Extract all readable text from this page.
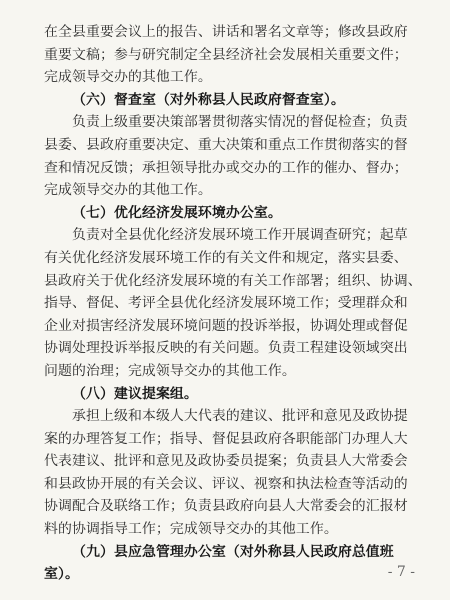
在全县重要会议上的报告、讲话和署名文章等；修改县政府
重要文稿；参与研究制定全县经济社会发展相关重要文件；
完成领导交办的其他工作。
（六）督查室（对外称县人民政府督查室）。
负责上级重要决策部署贯彻落实情况的督促检查；负责
县委、县政府重要决定、重大决策和重点工作贯彻落实的督
查和情况反馈；承担领导批办或交办的工作的催办、督办；
完成领导交办的其他工作。
（七）优化经济发展环境办公室。
负责对全县优化经济发展环境工作开展调查研究；起草
有关优化经济发展环境工作的有关文件和规定，落实县委、
县政府关于优化经济发展环境的有关工作部署；组织、协调、
指导、督促、考评全县优化经济发展环境工作；受理群众和
企业对损害经济发展环境问题的投诉举报，协调处理或督促
协调处理投诉举报反映的有关问题。负责工程建设领域突出
问题的治理；完成领导交办的其他工作。
（八）建议提案组。
承担上级和本级人大代表的建议、批评和意见及政协提
案的办理答复工作；指导、督促县政府各职能部门办理人大
代表建议、批评和意见及政协委员提案；负责县人大常委会
和县政协开展的有关会议、评议、视察和执法检查等活动的
协调配合及联络工作；负责县政府向县人大常委会的汇报材
料的协调指导工作；完成领导交办的其他工作。
（九）县应急管理办公室（对外称县人民政府总值班
室）。	- 7 -
